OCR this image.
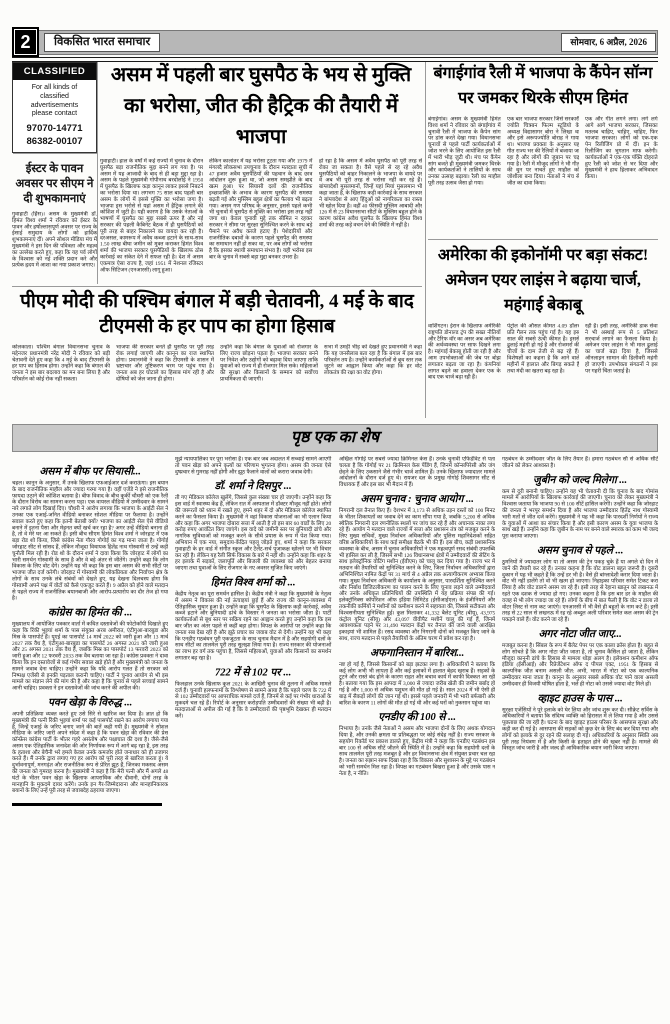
2	विकसित भारत समाचार	सोमवार, 6 अप्रैल, 2026
CLASSIFIED
For all kinds of
classified
advertisements
please contact
97070-14771
86382-00107
ईस्टर के पावन अवसर पर सीएम ने दी शुभकामनाएं
गुवाहाटी (हिंस)। असम के मुख्यमंत्री डॉ. हिमंत विश्व शर्मा ने रविवार को ईस्टर के पावन और हर्षोल्लासपूर्ण अवसर पर राज्य के ईसाई समुदाय के लोगों को हार्दिक शुभकामनाएं दीं। अपने सोशल मीडिया मंच में मुख्यमंत्री ने इस दिन की पवित्रता और महत्व का उल्लेख करते हुए, कहा कि यह पर्व लोगों के विश्वास को नई शक्ति प्रदान करे और प्रत्येक हृदय में आशा का नया प्रकाश जगाए।
असम में पहली बार घुसपैठ के भय से मुक्ति का भरोसा, जीत की हैट्रिक की तैयारी में भाजपा
गुवाहाटी। हाल के वर्षों में कई राज्यों में चुनाव के दौरान घुसपैठ बड़ा राजनीतिक मुद्दा बनने लग गया है। पर असम में यह आजादी के बाद से ही बड़ा मुद्दा रहा है। असम के पहले मुख्यमंत्री गोपीनाथ बरदोलोई ने 1950 में घुसपैठ के खिलाफ कड़ा कानून लाकर इससे निबटने का भरोसा दिया था। लगभग 75 साल बाद पहली बार असम के लोगों में इससे मुक्ति का भरोसा जगा है। भाजपा इस भरोसे से यहां असम में हैट्रिक लगाने की कोशिश में जुटी है। यही कारण है कि उसके नेताओं के भाषणों में घुसपैठ का मुद्दा सबसे ऊपर है और नई सरकार की पहली कैबिनेट बैठक में ही घुसपैठियों को पूरी तरह से बाहर निकालने का वायदा कर रही है। दरअसल, कामरूप में अवैध कब्जा हटाने के साथ-साथ 1.50 लाख बीघा जमीन को मुक्त कराकर हिमंत विश्व शर्मा की भाजपा सरकार घुसपैठियों के खिलाफ ठोस कार्रवाई का संकेत देने में सफल रही है। देश में असम एकमात्र ऐसा राज्य है, जहां 1951 में नेशनल रजिस्टर ऑफ सिटिजन (एनआरसी) लागू हुआ।
लेकिन कालांतर में यह भरोसा टूटता गया और 1979 में मंगलदै लोकसभा उपचुनाव के दौरान मतदाता सूची में 47 हजार अवैध घुसपैठियों की पहचान के बाद छात्र आंदोलन शुरू हुआ था, जो असम समझौते के बाद खत्म हुआ। पर सियासी दलों की राजनीतिक इच्छाशक्ति के अभाव के कारण घुसपैठ की समस्या बढ़ती गई और मुस्लिम बहुल क्षेत्रों का फैलाव भी बढ़ता गया। असम गण परिषद के अनुसार, इससे पहले कभी भी चुनावों में घुसपैठ से मुक्ति का भरोसा इस तरह नहीं जगा था। केवल चुनावी मुद्दे तक सीमित न रहकर सरकार ने सीमा पर सुरक्षा सुनिश्चित करने के साथ बड़े पैमाने पर अवैध कब्जे हटाए हैं। पेशेदारियों और राजनीतिक दबावों के कारण पहले घुसपैठ की समस्या का समाधान नहीं हो सका था, पर अब लोगों को भरोसा है कि इसका स्थायी समाधान संभव है। यही भरोसा इस बार के चुनाव में सबसे बड़ा मुद्दा बनकर उभरा है।
हो रहा है कि असम में अवैध घुसपैठ को पूरी तरह से रोका जा सकता है। वैसे पहले से रह रहे अवैध घुसपैठियों को बाहर निकालने के भाजपा के वायदे पर वे अब भी पूरी तरह से भरोसा नहीं कर रहे हैं। बांग्लादेशी मुसलमानों, जिन्हें यहां मियां मुसलमान भी कहा जाता है, के खिलाफ कड़ी कार्रवाई के साथ सरकार ने बांग्लादेश से आए हिंदुओं को नागरिकता का रास्ता भी खोल दिया है। वहीं 40 फीसदी मुस्लिम आबादी और 126 में से 23 विधानसभा सीटों के मुस्लिम बहुल होने के कारण कांग्रेस अवैध घुसपैठ के खिलाफ हिमंत विश्व शर्मा की तरह कड़े वचन देने की स्थिति में नहीं है।
बंगाईगांव रैली में भाजपा के कैंपेन सॉन्ग पर जमकर थिरके सीएम हिमंत
बंगाईगांव। असम के मुख्यमंत्री हिमंत विश्व शर्मा ने रविवार को बंगाईगांव में चुनावी रैली में भाजपा के कैंपेन सांग पर डांस करते देखा गया। विधानसभा चुनावों से पहले पार्टी कार्यकर्ताओं में जोश भरने के लिए आयोजित इस रैली में भारी भीड़ जुटी थी। मंच पर कैंपेन सांग बजते ही मुख्यमंत्री जमकर थिरके और कार्यकर्ताओं ने तालियों के साथ उनका उत्साह बढ़ाया। रैली का माहौल पूरी तरह उत्सव जैसा हो गया।
एक बार भाजपा सरकार जिसे सरकारी ज्योति चित्रबन फिल्म स्टूडियो के अध्यक्ष विद्यासागर बोरा ने लिखा था और इसे अरूपज्योति बोराह ने गाया था। भाजपा प्रवक्ता के अनुसार यह गीत राज्य भर की रैलियों में बजाया जा रहा है और लोगों की जुबान पर चढ़ गया है। रैली में मौजूद लोगों ने भी गीत की धुन पर नाचते हुए माहौल को जोशीला बना दिया। नेताओं ने मंच से जीत का दावा किया।
एक और गीत लगने लगा। लगे लगे आगे आगे भाजपा सरकार, जिसका मतलब चाहिए, चाहिए, चाहिए, फिर भाजपा सरकार। लोगों को एक-एक पेन रिलीजिंग प्रो में दीं। इन के रिलीजिंग का भुगतान माफ करेगी। कार्यकर्ताओं ने एक-एक पंक्ति दोहराते हुए रैली को जोश से भर दिया और मुख्यमंत्री ने हाथ हिलाकर अभिवादन किया।
अमेरिका की इकोनॉमी पर बड़ा संकट! अमेजन एयर लाइंस ने बढ़ाया चार्ज, महंगाई बेकाबू
वाशिंगटन। ईरान के खिलाफ अमेरिकी राष्ट्रपति डोनाल्ड ट्रंप की सख्त नीतियों और टैरिफ वॉर का असर अब अमेरिका की अर्थव्यवस्था पर साफ दिखने लगा है। महंगाई बेकाबू होती जा रही है और आम उपभोक्ताओं की जेब पर बोझ लगातार बढ़ता जा रहा है। कंपनियां लागत बढ़ने का हवाला देकर एक के बाद एक चार्ज बढ़ा रही हैं।
पेट्रोल की औसत कीमत 4.09 डॉलर प्रति गैलन तक पहुंच गई है। यह इस साल की सबसे ऊंची कीमत है। इससे ढुलाई महंगी हो गई है और रोजमर्रा की चीजों के दाम तेजी से बढ़ रहे हैं। विशेषज्ञों का कहना है कि आने वाले महीनों में हालात और बिगड़ सकते हैं तथा मंदी का खतरा बढ़ रहा है।
रही है। इसी तरह, अमेरिकी डाक सेवा ने भी अस्थाई रूप से 5 प्रतिशत सरचार्ज लगाने का फैसला किया है। अमेजन एयर लाइंस ने भी माल ढुलाई का चार्ज बढ़ा दिया है, जिससे ऑनलाइन सामान की डिलीवरी महंगी हो जाएगी। उपभोक्ता संगठनों ने इस पर गहरी चिंता जताई है।
पीएम मोदी की पश्चिम बंगाल में बड़ी चेतावनी, 4 मई के बाद टीएमसी के हर पाप का होगा हिसाब
कोलकाता। पश्चिम बंगाल विधानसभा चुनाव के मद्देनजर प्रधानमंत्री नरेंद्र मोदी ने रविवार को बड़ी चेतावनी देते हुए कहा कि 4 मई के बाद टीएमसी के हर पाप का हिसाब होगा। उन्होंने कहा कि बंगाल की जनता ने इस बार बदलाव का मन बना लिया है और परिवर्तन को कोई रोक नहीं सकता।
भाजपा की सरकार बनते ही घुसपैठ पर पूरी तरह रोक लगाई जाएगी और कानून का राज स्थापित होगा। प्रधानमंत्री ने कहा कि टीएमसी के शासन में भ्रष्टाचार और तुष्टिकरण चरम पर पहुंच गया है। जनता अब हर घोटाले का हिसाब मांग रही है और दोषियों को जेल जाना ही होगा।
उन्होंने कहा कि बंगाल के युवाओं को रोजगार के लिए राज्य छोड़ना पड़ता है। भाजपा सरकार बनने पर निवेश और उद्योगों को बढ़ावा दिया जाएगा ताकि युवाओं को राज्य में ही रोजगार मिल सके। महिलाओं की सुरक्षा और किसानों के सम्मान को सर्वोच्च प्राथमिकता दी जाएगी।
सभा में उमड़ी भीड़ को देखते हुए प्रधानमंत्री ने कहा कि यह जनसैलाब बता रहा है कि बंगाल में इस बार परिवर्तन तय है। उन्होंने कार्यकर्ताओं से बूथ स्तर तक जुटने का आह्वान किया और कहा कि हर वोट लोकतंत्र की रक्षा का वोट होगा।
पृष्ठ एक का शेष
असम में बीफ पर सियासी...

चहल। कानून के अनुसार, मैं उनके खिलाफ एफआईआर दर्ज कराऊंगा। इस बयान के बाद राजनीतिक माहौल और ज्यादा गरमा गया है। वहीं एजेंडे ने इसे राजनीतिक फायदा उठाने की कोशिश बताया है। बीफ विवाद के बीच कुर्की चौधरी को एक रैली के दौरान विरोध का सामना करना पड़ा। एक वायरल वीडियो में उम्मीदवार के सामने नारे लगाते लोग दिखाई दिए। चौधरी ने आरोप लगाया कि भाजपा के आईटी सेल ने उनका एक एआई-जनित वीडियो बनाकर सोशल मीडिया पर फैलाया है। उन्होंने सवाल करते हुए कहा कि इतनी बेताबी क्यों? भाजपा का आईटी सेल ऐसे वीडियो बनाने में इतना पैसा और मेहनत क्यों खर्च कर रहा है? अगर उन्हें वीडियो बनाना ही है, तो वे मेरे घर आ सकते हैं। इसी बीच सीएम हिमंत विश्व शर्मा ने जोरहाट में एक बड़ा रोड शो किया, जिसे कांग्रेस नेता गौरव गोगोई का गढ़ माना जाता है। गोगोई जोरहाट सीट से सांसद हैं, लेकिन मौजूदा विधायक हितेंद्र नाथ गोस्वामी से उन्हें कड़ी चुनौती मिल रही है। रोड शो के दौरान शर्मा ने दावा किया कि जोरहाट में लोगों का भारी समर्थन गोस्वामी के साथ है और वे बड़े अंतर से जीतेंगे। उन्होंने कहा कि लोग विकास के लिए वोट देंगे। उन्होंने यह भी कहा कि इस बार असम की सभी सीटों पर भाजपा जीत दर्ज करेगी। जोरहाट में गोस्वामी की लोकप्रियता और निर्वाचन क्षेत्र के लोगों के साथ उनके लंबे संबंधों को देखते हुए, यह देखना दिलचस्प होगा कि गोस्वामी अपने पक्ष में वोटों को कैसे एकजुट करते हैं। 9 अप्रैल को होने वाले मतदान से पहले राज्य में राजनीतिक बयानबाजी और आरोप-प्रत्यारोप का दौर तेज हो गया है।

कांग्रेस का हिमंत की ...

मुख्यालय में आयोजित पत्रकार वार्ता में कथित दस्तावेजों की फोटोकॉपी दिखाते हुए कहा कि रिंकी भुइयां शर्मा के पास संयुक्त अरब अमीरात, एंटीगुआ-बारबुडा और मिस्र के पासपोर्ट हैं। यूएई का पासपोर्ट 14 मार्च 2022 को जारी हुआ और 13 मार्च 2027 तक वैध है, एंटीगुआ-बारबुडा का पासपोर्ट 26 अगस्त 2021 को जारी हुआ और 25 अगस्त 2031 तक वैध है, जबकि मिस्र का पासपोर्ट 13 फरवरी 2023 को जारी हुआ और 12 फरवरी 2033 तक वैध बताया जा रहा है। कांग्रेस प्रवक्ता ने दावा किया कि इन दस्तावेजों से कई गंभीर सवाल खड़े होते हैं और मुख्यमंत्री को जनता के सामने जवाब देना चाहिए। उन्होंने कहा कि यदि आरोप गलत हैं तो सरकार को निष्पक्ष एजेंसी से इनकी पड़ताल करानी चाहिए। पार्टी ने चुनाव आयोग से भी इस मामले का संज्ञान लेने की मांग की है और कहा है कि चुनाव से पहले सच्चाई सामने आनी चाहिए। प्रवक्ता ने इन दस्तावेजों की जांच करने की अपील की।

पवन खेड़ा के विरुद्ध ...

अपनी प्रतिक्रिया व्यक्त करते हुए उसे सिरे से खारिज कर दिया है। ज्ञात हो कि मुख्यमंत्री की पत्नी रिंकी भुइयां शर्मा पर कई पासपोर्ट रखने का आरोप लगाया गया है, जिन्हें एआई के जरिए बनाए जाने की बातें कही गयी हैं। मुख्यमंत्री ने सोशल मीडिया के जरिए जारी अपने संदेश में कहा है कि पवन खेड़ा की रविवार की प्रेस कॉन्फ्रेंस कांग्रेस पार्टी के भीतर गहरे असंतोष और पक्षाघात की दशा है। जैसे-जैसे असम एक ऐतिहासिक जनादेश की ओर निर्णायक रूप में आगे बढ़ रहा है, इस तरह के हताशा और बेचैनी भरे हमले केवल उनके कमजोर होते जनाधार को ही उजागर करते हैं। मैं उनके द्वारा लगाए गए हर आरोप को पूरी तरह से खारिज करता हूं। ये दुर्भावनापूर्ण, मनगढ़ंत और राजनीतिक रूप से प्रेरित झूठ हैं, जिनका मकसद असम की जनता को गुमराह करना है। मुख्यमंत्री ने कहा है कि मेरी पत्नी और मैं अगले 48 घंटों के भीतर पवन खेड़ा के खिलाफ आपराधिक और दीवानी, दोनों तरह के मानहानि के मुकदमे दायर करेंगे। उनके इन गैर-जिम्मेदाराना और मानहानिकारक बयानों के लिए उन्हें पूरी तरह से जवाबदेह ठहराया जाएगा।

मुझे न्यायपालिका पर पूरा भरोसा है। एक बार जब अदालत में सच्चाई सामने आएगी तो पवन खेड़ा को अपने कृत्यों का परिणाम भुगतना होगा। असम की जनता ऐसे दुष्प्रचार से गुमराह नहीं होगी और झूठ फैलाने वालों को करारा जवाब देगी।

डॉ. शर्मा ने दिसपुर ...

ती गए मेडिकल कॉलेज खुलेंगे, जिससे कुल संख्या चार हो जाएगी। उन्होंने कहा कि इस वार्ड में स्वास्थ्य केंद्र हैं, लेकिन रात में अस्पताल में डॉक्टर मौजूद नहीं होते। लोगों की जरूरतों को ध्यान में रखते हुए, हमने शहर में दो और मेडिकल कॉलेज स्थापित करने का फैसला किया है। मुख्यमंत्री ने वहां विकास योजनाओं का भी एलान किया और कहा कि अगर भाजपा दोबारा सत्ता में आती है तो इस बार 60 वार्डों के लिए 20 करोड़ रुपए आवंटित किए जाएंगे। इस वादे को जमीनी स्तर पर बुनियादी ढांचे और नागरिक सुविधाओं को मजबूत करने के सीधे प्रयास के रूप में पेश किया गया। अभियान में एक नया, समुदाय-केंद्रित पहलू जोड़ते हुए, शर्मा ने कहा कि सरकार गुवाहाटी के हर वार्ड में संगीत स्कूल और टैलेंट-सर्च पूजाकक्ष खोलने पर भी विचार कर रही है। लेकिन यह रैली सिर्फ विकास के बारे में नहीं थी। उन्होंने कहा कि शहर के हर इलाके में सड़कों, जलापूर्ति और बिजली की व्यवस्था को और बेहतर बनाया जाएगा तथा युवाओं के लिए रोजगार के नए अवसर सृजित किए जाएंगे।

हिमंत विश्व शर्मा को ...

केंद्रीय नेतृत्व का पूरा समर्थन हासिल है। केंद्रीय मंत्री ने कहा कि मुख्यमंत्री के नेतृत्व में असम ने विकास की नई ऊंचाइयां छुई हैं और राज्य की कानून-व्यवस्था में ऐतिहासिक सुधार हुआ है। उन्होंने कहा कि घुसपैठ के खिलाफ कड़ी कार्रवाई, अवैध कब्जे हटाने और बुनियादी ढांचे के विस्तार ने जनता का भरोसा जीता है। पार्टी कार्यकर्ताओं से बूथ स्तर पर सक्रिय रहने का आह्वान करते हुए उन्होंने कहा कि इस बार जीत का अंतर पहले से कहीं बड़ा होगा। विपक्ष के आरोपों पर उन्होंने कहा कि जनता सब देख रही है और झूठे प्रचार का जवाब वोट से देगी। उन्होंने यह भी कहा कि एनडीए गठबंधन पूरी एकजुटता के साथ चुनाव मैदान में है और सहयोगी दलों के साथ सीटों का तालमेल पूरी तरह सुलझा लिया गया है। राज्य सरकार की योजनाओं का लाभ हर वर्ग तक पहुंचा है, जिससे महिलाओं, युवाओं और किसानों का समर्थन लगातार बढ़ रहा है।

722 में से 102 पर ...

फिलहाल उनके खिलाफ कुल 2021 के आखिरी चुनाव की तुलना में अधिक मामले दर्ज हैं। चुनावी हलफनामों के विश्लेषण से सामने आया है कि पहले चरण के 722 में से 102 उम्मीदवारों पर आपराधिक मामले दर्ज हैं, जिनमें से कई पर गंभीर धाराओं के मुकदमे चल रहे हैं। रिपोर्ट के अनुसार करोड़पति उम्मीदवारों की संख्या भी बढ़ी है। मतदाताओं से अपील की गई है कि वे उम्मीदवारों की पृष्ठभूमि देखकर ही मतदान करें।

अखिल गोगोई पर सबसे ज्यादा क्रिमिनल केस हैं। उनके चुनावी एफिडेविट से पता चलता है कि गोगोई पर 21 क्रिमिनल केस पेंडिंग हैं, जिनमें कॉन्सपिरेसी और जंग छेड़ने के लिए उकसाने जैसे गंभीर चार्ज शामिल हैं। उनके खिलाफ ज्यादातर मामले आंदोलनों के दौरान दर्ज हुए थे। रायजर दल के प्रमुख गोगोई शिवसागर सीट से विधायक हैं और इस बार भी मैदान में हैं।

असम चुनाव : चुनाव आयोग ...

निगरानी दल तैनात किए हैं। देशभर में 3,173 से अधिक उड़न दस्तों को 100 मिनट के भीतर शिकायतों का जवाब देने का काम सौंपा गया है, जबकि 5,200 से अधिक स्थैतिक निगरानी दल रणनीतिक स्थलों पर जांच कर रहे हैं और अचानक नाका लगा रहे हैं। आयोग ने मतदान वाले राज्यों में सत्ता और प्रशासन तंत्र को मजबूत करने के लिए मुख्य सचिवों, मुख्य निर्वाचन अधिकारियों और पुलिस महानिदेशकों सहित वरिष्ठ अधिकारियों के साथ कई समीक्षा बैठकें भी की हैं। इस बीच, कड़ी प्रशासनिक व्यवस्था के बीच, असम में चुनाव अधिकारियों ने एक महत्वपूर्ण रसद संबंधी उपलब्धि भी हासिल कर ली है, जिसमें सभी 126 विधानसभा क्षेत्रों में उम्मीदवारों की सेटिंग के साथ इलेक्ट्रॉनिक वोटिंग मशीन (ईवीएम) को चालू कर दिया गया है। राज्य भर में मतदान की तैयारियों को सुनिश्चित करने के लिए, जिला निर्वाचन अधिकारियों द्वारा अभिनिश्चित नामित केंद्रों पर 31 मार्च से 4 अप्रैल तक अत्यागीकरण अभ्यास किया गया। मुख्य निर्वाचन अधिकारी के कार्यालय के अनुसार, पारदर्शिता सुनिश्चित करने और निर्बाध डिजिटलीकरण का पालन करने के लिए चुनाव लड़ने वाले उम्मीदवारों और उनके अधिकृत प्रतिनिधियों की उपस्थिति में यह प्रक्रिया संपन्न की गई। इलेक्ट्रॉनिक्स कॉर्पोरेशन ऑफ इंडिया लिमिटेड (ईसीआईएल) के इंजीनियरों और तकनीकी कर्मियों ने मशीनों को कमीशन करने में सहायता की, जिससे सटीकता और विश्वसनीयता सुनिश्चित हुई। कुल मिलाकर 41,332 बैलेट यूनिट (बीयू), 43,975 कंट्रोल यूनिट (सीयू) और 43,097 वीवीपैट मशीनें चालू की गई हैं, जिनमें आवश्यकता पड़ने पर 31,490 मतदान केंद्रों पर तैनात की जाने वाली आरक्षित इकाइयां भी शामिल हैं। रसद व्यवस्था और निगरानी दोनों को मजबूत किए जाने के साथ, राज्य मतदान से पहले तैयारियों के अंतिम चरण में प्रवेश कर रहा है।

अफगानिस्तान में बारिश...

नष्ट हो गई है, जिससे किसानों को बड़ा झटका लगा है। अधिकारियों ने बताया कि कई लोग अभी भी लापता हैं और कई इलाकों में हालात बेहद खराब हैं। सड़कों के टूटने और रास्ते बंद होने के कारण राहत और बचाव कार्य में काफी दिक्कत आ रही है। बताया गया कि इस आपदा में 3,000 से ज्यादा जरीब खेती की जमीन बर्बाद हो गई है और 1,000 से अधिक पशुधन की मौत हो गई है। साल 2024 में भी ऐसी ही बाढ़ में सैकड़ों लोगों की जान गई थी। इससे पहले जनवरी में भी भारी बर्फबारी और बारिश के कारण 11 लोगों की मौत हो गई थी और कई घरों को नुकसान पहुंचा था।

एनडीए की 100 से ...

निभाया है। उनके जैसे नेताओं ने असम और भाजपा दोनों के लिए अथक योगदान दिया है, और उनकी क्षमता या प्रतिबद्धता पर कोई संदेह नहीं है। राज्य सरकार के सहयोग रिकॉर्ड पर प्रकाश डालते हुए, केंद्रीय मंत्री ने कहा कि एनडीए गठबंधन इस बार 100 से अधिक सीटें जीतने की स्थिति में है। उन्होंने कहा कि सहयोगी दलों के साथ तालमेल पूरी तरह मजबूत है और हर विधानसभा क्षेत्र में संयुक्त प्रचार चल रहा है। जनता का रुझान साफ दिखा रहा है कि विकास और सुशासन के मुद्दे पर गठबंधन को भारी समर्थन मिल रहा है। विपक्ष का गठबंधन बिखरा हुआ है और उसके पास न नेता है, न नीति।

गठबंधन के उम्मीदवार जीत के लिए तैयार हैं। हमारा गठबंधन सौ से अधिक सीटें जीतने को लेकर आश्वस्त है।

जुबीन को जल्द मिलेगा ...

कम से दूरी बनानी चाहिए। उन्होंने यह भी चेतावनी दी कि चुनाव के बाद गोमांस मामले में आरोपियों के खिलाफ कार्रवाई की जाएगी। चुनाव को लेकर मुख्यमंत्री ने विश्वास जताया कि भाजपा 90 से 100 सीटें हासिल करेगी। उन्होंने कहा कि जोरहाट की जनता ने भरपूर समर्थन दिया है और भाजपा उम्मीदवार हितेंद्र नाथ गोस्वामी भारी मतों से जीत दर्ज करेंगे। मुख्यमंत्री ने यह भी कहा कि पारदर्शी निर्णयों ने राज्य के युवाओं में आशा का संचार किया है और इसी कारण असम के युवा भाजपा के साथ खड़े हैं। उन्होंने कहा कि जुबीन के नाम पर बनने वाले स्मारक का काम भी जल्द पूरा कराया जाएगा।

असम चुनाव से पहले ...

ठुमनियों में ज्यादातर लोग या तो असम की ट्रेन पकड़ चुके हैं या अगले दो दिन में जाने की तैयारी कर रहे हैं। उनका कहना है कि वोट डालना बहुत जरूरी है। दूसरी दुकान में यह भी कहते हैं कि उन्हें डर भी है। वैसे ही बांग्लादेशी करार दिया जाता है। वोट भी नहीं डालेंगे तो वो भी खत्म हो जाएगा। निहाइका परिवार समेत टिकट करा लिया है और वोट डालने असम जा रहे हैं। इसी तरह से रेहाना खातून को लखनऊ में रहते एक दशक से ज्यादा हो गए। उनका कहना है कि इस बार डर के माहौल की वजह से भी लोग ज्यादा जा रहे हैं। लोगों के बीच में बात फैली है कि वोट न डाला तो वोटर लिस्ट से नाम कट जाएंगे। एनआरसी में भी वैसे ही बहुतों के नाम कटे हैं। इसी तरह से 22 साल से लखनऊ में रह रहे अब्दुल अली परिवार समेत कल असम की ट्रेन पकड़ने वाले हैं। वोट करने जा रहे हैं।

अगर नोटा जीत जाए...

मजबूत करना है। सिंबल के रूप में बैलेट पेपर पर एक काला क्रॉस होता है। बहुत से लोग सोचते हैं कि अगर नोटा जीत जाता है, तो चुनाव कैंसिल हो जाता है, लेकिन मौजूदा कानूनी ढांचे के हिसाब से मामला थोड़ा अलग है। इलेक्शन कमीशन ऑफ इंडिया (ईसीआई) और रिप्रेजेंटेशन ऑफ द पीपल एक्ट, 1951 के हिसाब से काल्पनिक जीत बनाम असली जीत: अभी, भारत में नोटा को एक काल्पनिक उम्मीदवार माना जाता है। कानून के अनुसार सबसे अधिक वोट पाने वाला असली उम्मीदवार ही विजयी घोषित होता है, भले ही नोटा को उससे ज्यादा वोट मिले हों।

व्हाइट हाउस के पास ...

सुरक्षा एजेंसियों ने पूरे इलाके को घेर लिया और जांच शुरू कर दी। सीक्रेट सर्विस के अधिकारियों ने बताया कि संदिग्ध व्यक्ति को हिरासत में ले लिया गया है और उससे पूछताछ की जा रही है। घटना के बाद व्हाइट हाउस परिसर के आसपास सुरक्षा और कड़ी कर दी गई है। आसपास की सड़कों को कुछ देर के लिए बंद कर दिया गया और लोगों को इलाके से दूर रहने की सलाह दी गई। अधिकारियों के अनुसार स्थिति अब पूरी तरह नियंत्रण में है और किसी के हताहत होने की खबर नहीं है। मामले की विस्तृत जांच जारी है और जल्द ही आधिकारिक बयान जारी किया जाएगा।
